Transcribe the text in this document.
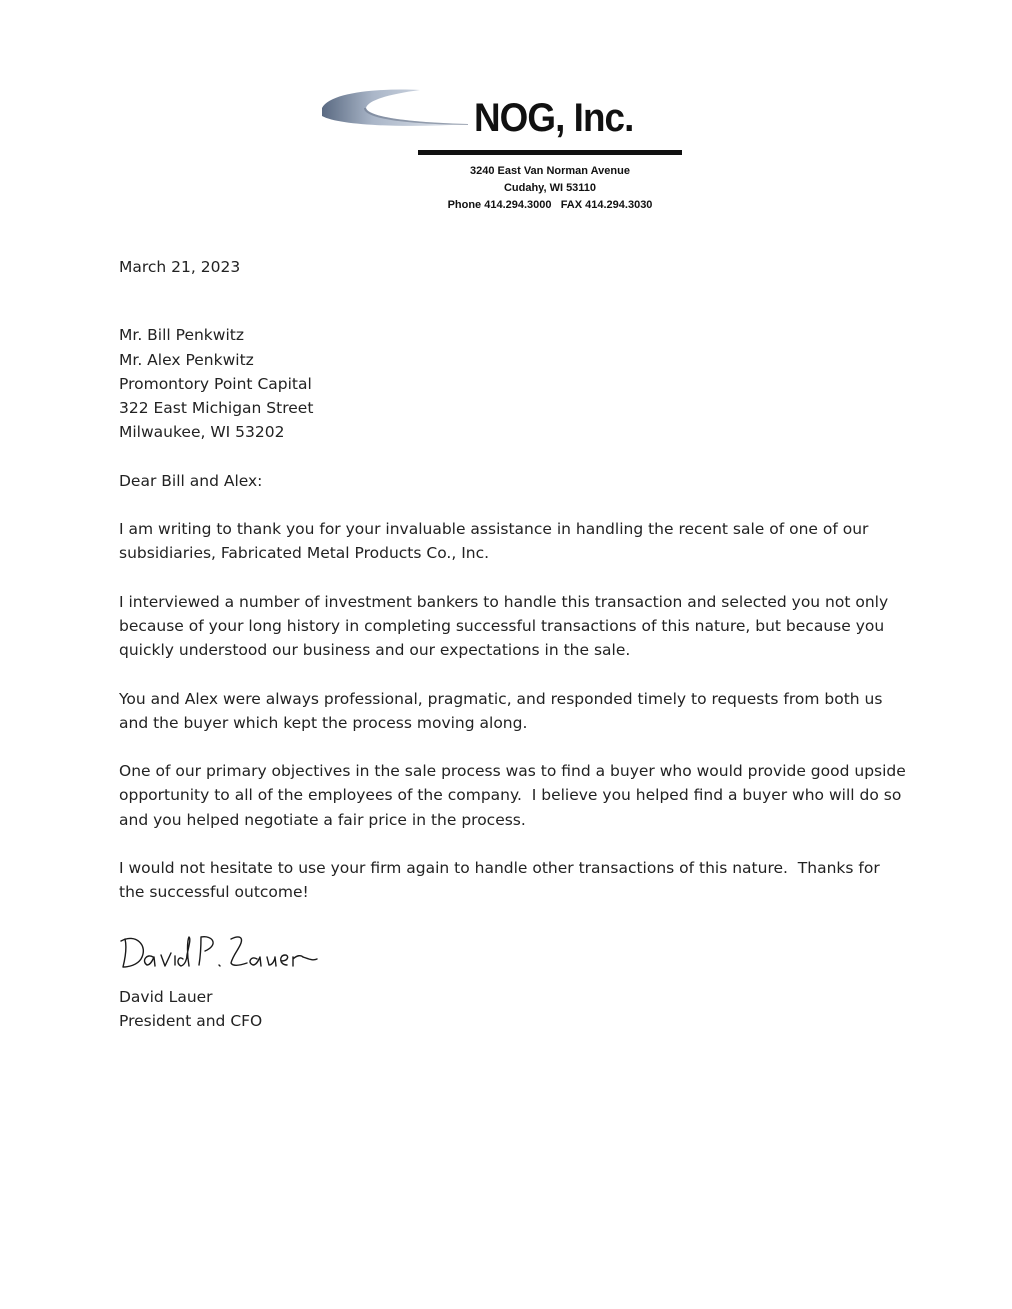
NOG, Inc.
3240 East Van Norman Avenue
Cudahy, WI 53110
Phone 414.294.3000   FAX 414.294.3030

March 21, 2023

Mr. Bill Penkwitz
Mr. Alex Penkwitz
Promontory Point Capital
322 East Michigan Street
Milwaukee, WI 53202

Dear Bill and Alex:

I am writing to thank you for your invaluable assistance in handling the recent sale of one of our subsidiaries, Fabricated Metal Products Co., Inc.

I interviewed a number of investment bankers to handle this transaction and selected you not only because of your long history in completing successful transactions of this nature, but because you quickly understood our business and our expectations in the sale.

You and Alex were always professional, pragmatic, and responded timely to requests from both us and the buyer which kept the process moving along.

One of our primary objectives in the sale process was to find a buyer who would provide good upside opportunity to all of the employees of the company.  I believe you helped find a buyer who will do so and you helped negotiate a fair price in the process.

I would not hesitate to use your firm again to handle other transactions of this nature.  Thanks for the successful outcome!

David Lauer
President and CFO
